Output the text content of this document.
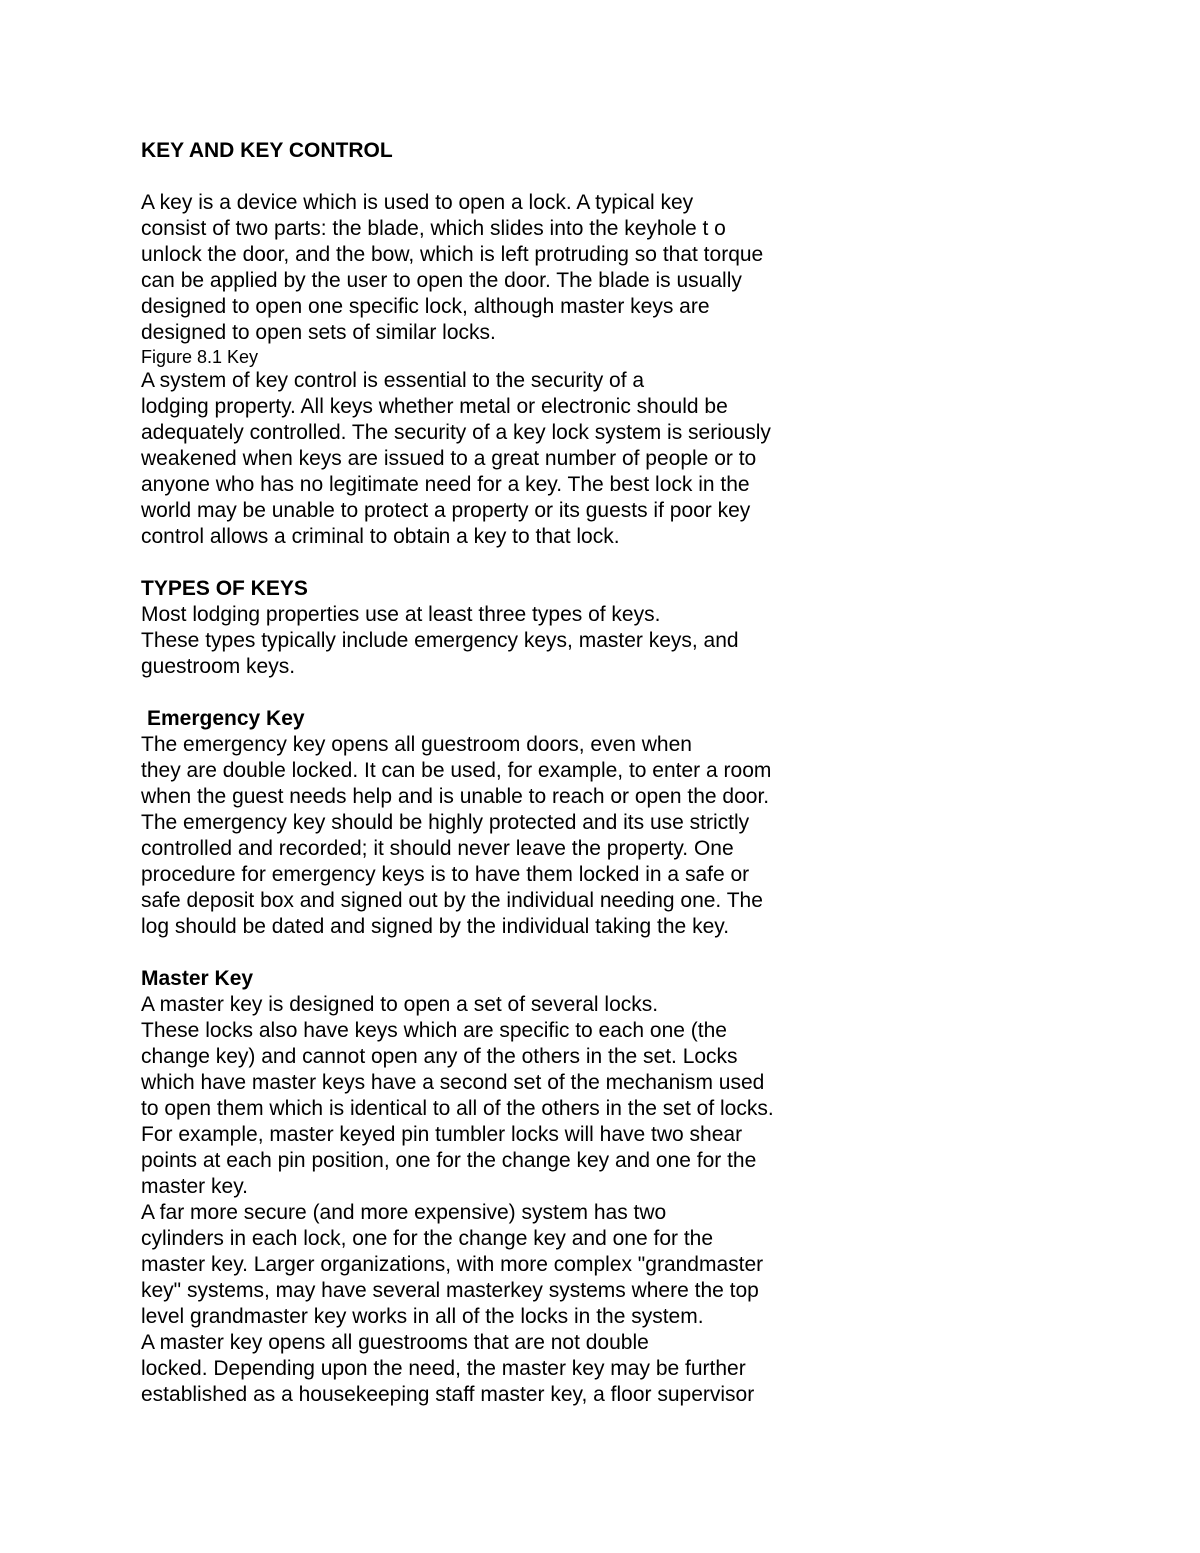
KEY AND KEY CONTROL
A key is a device which is used to open a lock. A typical key
consist of two parts: the blade, which slides into the keyhole t o
unlock the door, and the bow, which is left protruding so that torque
can be applied by the user to open the door. The blade is usually
designed to open one specific lock, although master keys are
designed to open sets of similar locks.
Figure 8.1 Key
A system of key control is essential to the security of a
lodging property. All keys whether metal or electronic should be
adequately controlled. The security of a key lock system is seriously
weakened when keys are issued to a great number of people or to
anyone who has no legitimate need for a key. The best lock in the
world may be unable to protect a property or its guests if poor key
control allows a criminal to obtain a key to that lock.
TYPES OF KEYS
Most lodging properties use at least three types of keys.
These types typically include emergency keys, master keys, and
guestroom keys.
Emergency Key
The emergency key opens all guestroom doors, even when
they are double locked. It can be used, for example, to enter a room
when the guest needs help and is unable to reach or open the door.
The emergency key should be highly protected and its use strictly
controlled and recorded; it should never leave the property. One
procedure for emergency keys is to have them locked in a safe or
safe deposit box and signed out by the individual needing one. The
log should be dated and signed by the individual taking the key.
Master Key
A master key is designed to open a set of several locks.
These locks also have keys which are specific to each one (the
change key) and cannot open any of the others in the set. Locks
which have master keys have a second set of the mechanism used
to open them which is identical to all of the others in the set of locks.
For example, master keyed pin tumbler locks will have two shear
points at each pin position, one for the change key and one for the
master key.
A far more secure (and more expensive) system has two
cylinders in each lock, one for the change key and one for the
master key. Larger organizations, with more complex "grandmaster
key" systems, may have several masterkey systems where the top
level grandmaster key works in all of the locks in the system.
A master key opens all guestrooms that are not double
locked. Depending upon the need, the master key may be further
established as a housekeeping staff master key, a floor supervisor
